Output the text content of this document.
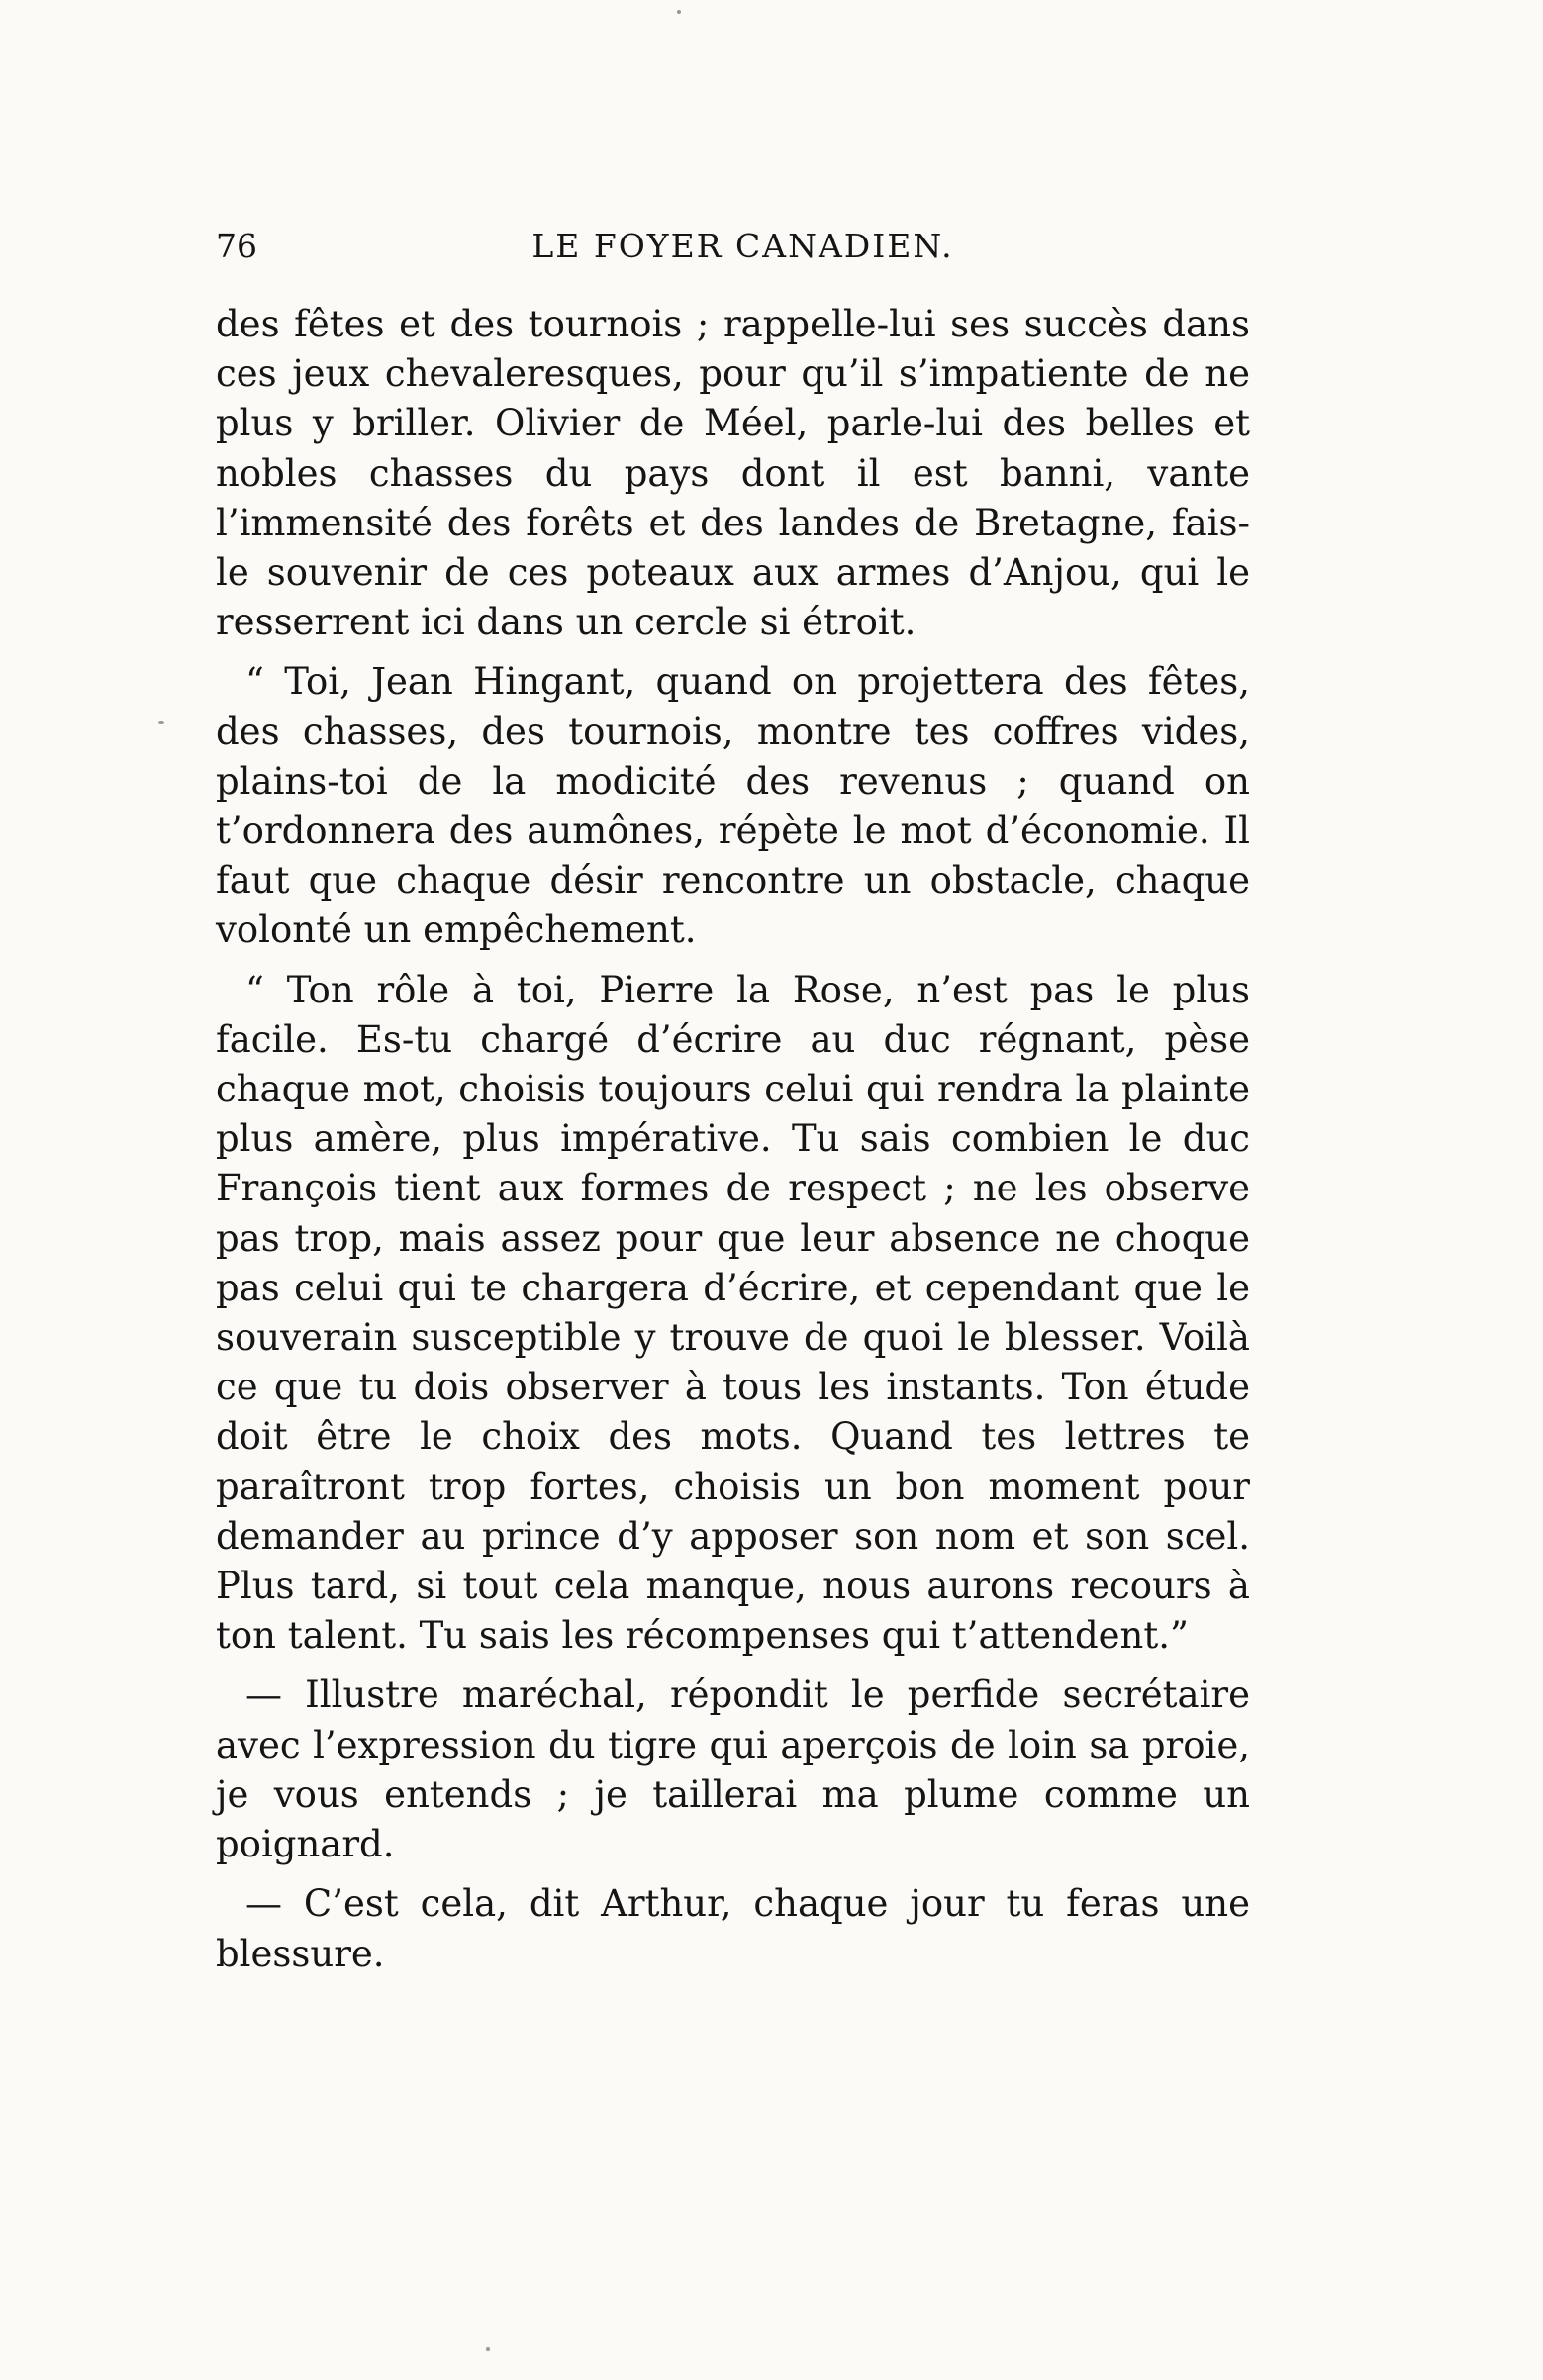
76	LE FOYER CANADIEN.

des fêtes et des tournois ; rappelle-lui ses succès dans ces jeux chevaleresques, pour qu’il s’impatiente de ne plus y briller. Olivier de Méel, parle-lui des belles et nobles chasses du pays dont il est banni, vante l’immensité des forêts et des landes de Bretagne, fais-le souvenir de ces poteaux aux armes d’Anjou, qui le resserrent ici dans un cercle si étroit.

“ Toi, Jean Hingant, quand on projettera des fêtes, des chasses, des tournois, montre tes coffres vides, plains-toi de la modicité des revenus ; quand on t’ordonnera des aumônes, répète le mot d’économie. Il faut que chaque désir rencontre un obstacle, chaque volonté un empêchement.

“ Ton rôle à toi, Pierre la Rose, n’est pas le plus facile. Es-tu chargé d’écrire au duc régnant, pèse chaque mot, choisis toujours celui qui rendra la plainte plus amère, plus impérative. Tu sais combien le duc François tient aux formes de respect ; ne les observe pas trop, mais assez pour que leur absence ne choque pas celui qui te chargera d’écrire, et cependant que le souverain susceptible y trouve de quoi le blesser. Voilà ce que tu dois observer à tous les instants. Ton étude doit être le choix des mots. Quand tes lettres te paraîtront trop fortes, choisis un bon moment pour demander au prince d’y apposer son nom et son scel. Plus tard, si tout cela manque, nous aurons recours à ton talent. Tu sais les récompenses qui t’attendent.”

— Illustre maréchal, répondit le perfide secrétaire avec l’expression du tigre qui aperçois de loin sa proie, je vous entends ; je taillerai ma plume comme un poignard.

— C’est cela, dit Arthur, chaque jour tu feras une blessure.
